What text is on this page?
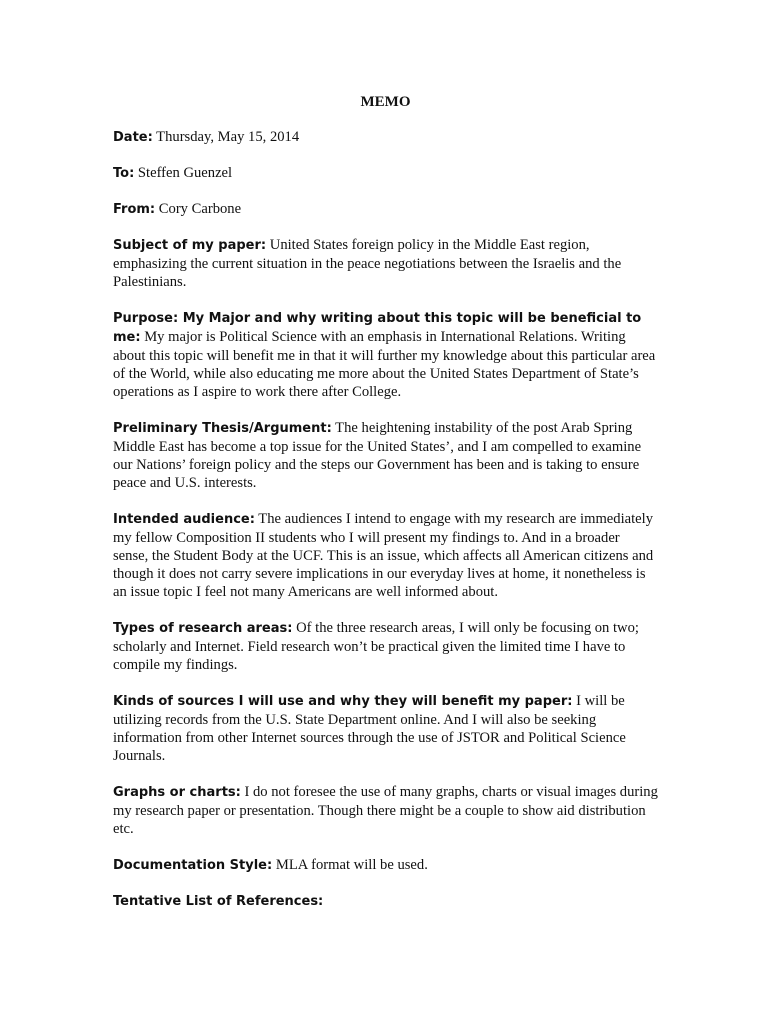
MEMO

Date: Thursday, May 15, 2014

To: Steffen Guenzel

From: Cory Carbone

Subject of my paper: United States foreign policy in the Middle East region, emphasizing the current situation in the peace negotiations between the Israelis and the Palestinians.

Purpose: My Major and why writing about this topic will be beneficial to me: My major is Political Science with an emphasis in International Relations. Writing about this topic will benefit me in that it will further my knowledge about this particular area of the World, while also educating me more about the United States Department of State’s operations as I aspire to work there after College.

Preliminary Thesis/Argument: The heightening instability of the post Arab Spring Middle East has become a top issue for the United States’, and I am compelled to examine our Nations’ foreign policy and the steps our Government has been and is taking to ensure peace and U.S. interests.

Intended audience: The audiences I intend to engage with my research are immediately my fellow Composition II students who I will present my findings to. And in a broader sense, the Student Body at the UCF. This is an issue, which affects all American citizens and though it does not carry severe implications in our everyday lives at home, it nonetheless is an issue topic I feel not many Americans are well informed about.

Types of research areas: Of the three research areas, I will only be focusing on two; scholarly and Internet. Field research won’t be practical given the limited time I have to compile my findings.

Kinds of sources I will use and why they will benefit my paper: I will be utilizing records from the U.S. State Department online. And I will also be seeking information from other Internet sources through the use of JSTOR and Political Science Journals.

Graphs or charts: I do not foresee the use of many graphs, charts or visual images during my research paper or presentation. Though there might be a couple to show aid distribution etc.

Documentation Style: MLA format will be used.

Tentative List of References:
